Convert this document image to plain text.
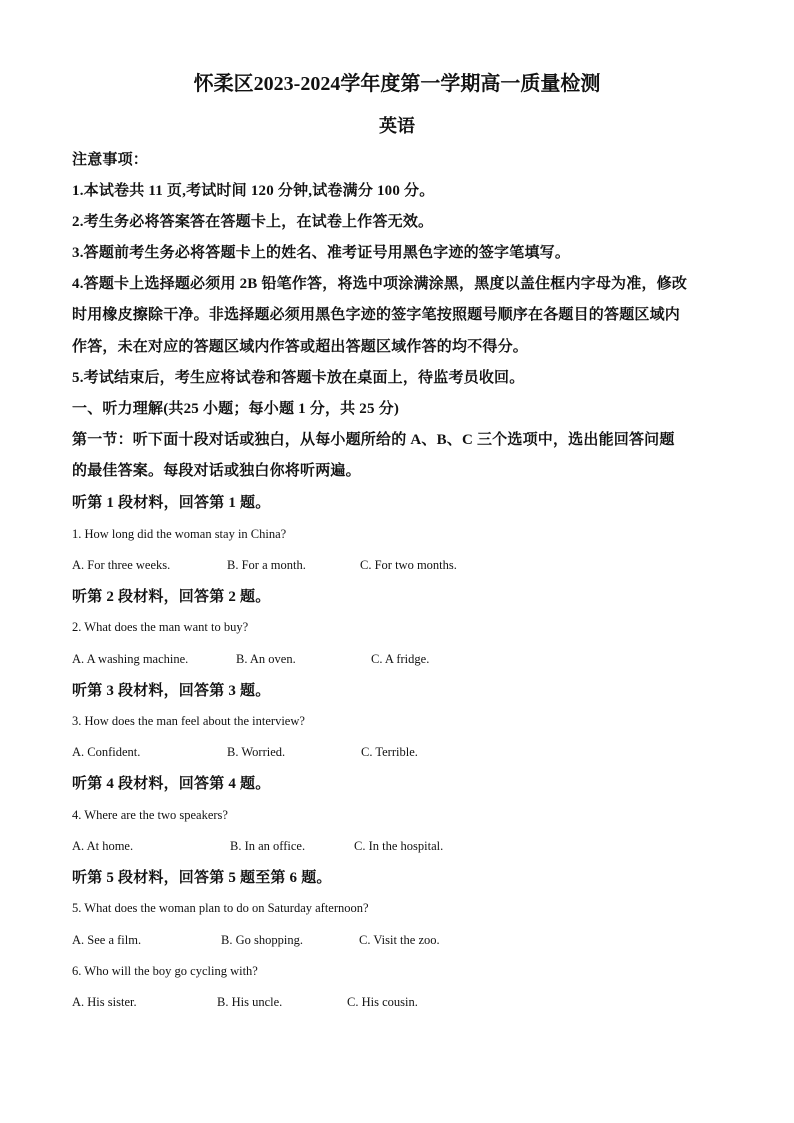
怀柔区2023-2024学年度第一学期高一质量检测
英语
注意事项：
1.本试卷共 11 页,考试时间 120 分钟,试卷满分 100 分。
2.考生务必将答案答在答题卡上，在试卷上作答无效。
3.答题前考生务必将答题卡上的姓名、准考证号用黑色字迹的签字笔填写。
4.答题卡上选择题必须用 2B 铅笔作答，将选中项涂满涂黑，黑度以盖住框内字母为准，修改
时用橡皮擦除干净。非选择题必须用黑色字迹的签字笔按照题号顺序在各题目的答题区域内
作答，未在对应的答题区域内作答或超出答题区域作答的均不得分。
5.考试结束后，考生应将试卷和答题卡放在桌面上，待监考员收回。
一、听力理解(共25 小题；每小题 1 分，共 25 分)
第一节：听下面十段对话或独白，从每小题所给的 A、B、C 三个选项中，选出能回答问题
的最佳答案。每段对话或独白你将听两遍。
听第 1 段材料，回答第 1 题。
1. How long did the woman stay in China?
A. For three weeks.	B. For a month.	C. For two months.
听第 2 段材料，回答第 2 题。
2. What does the man want to buy?
A. A washing machine.	B. An oven.	C. A fridge.
听第 3 段材料，回答第 3 题。
3. How does the man feel about the interview?
A. Confident.	B. Worried.	C. Terrible.
听第 4 段材料，回答第 4 题。
4. Where are the two speakers?
A. At home.	B. In an office.	C. In the hospital.
听第 5 段材料，回答第 5 题至第 6 题。
5. What does the woman plan to do on Saturday afternoon?
A. See a film.	B. Go shopping.	C. Visit the zoo.
6. Who will the boy go cycling with?
A. His sister.	B. His uncle.	C. His cousin.
